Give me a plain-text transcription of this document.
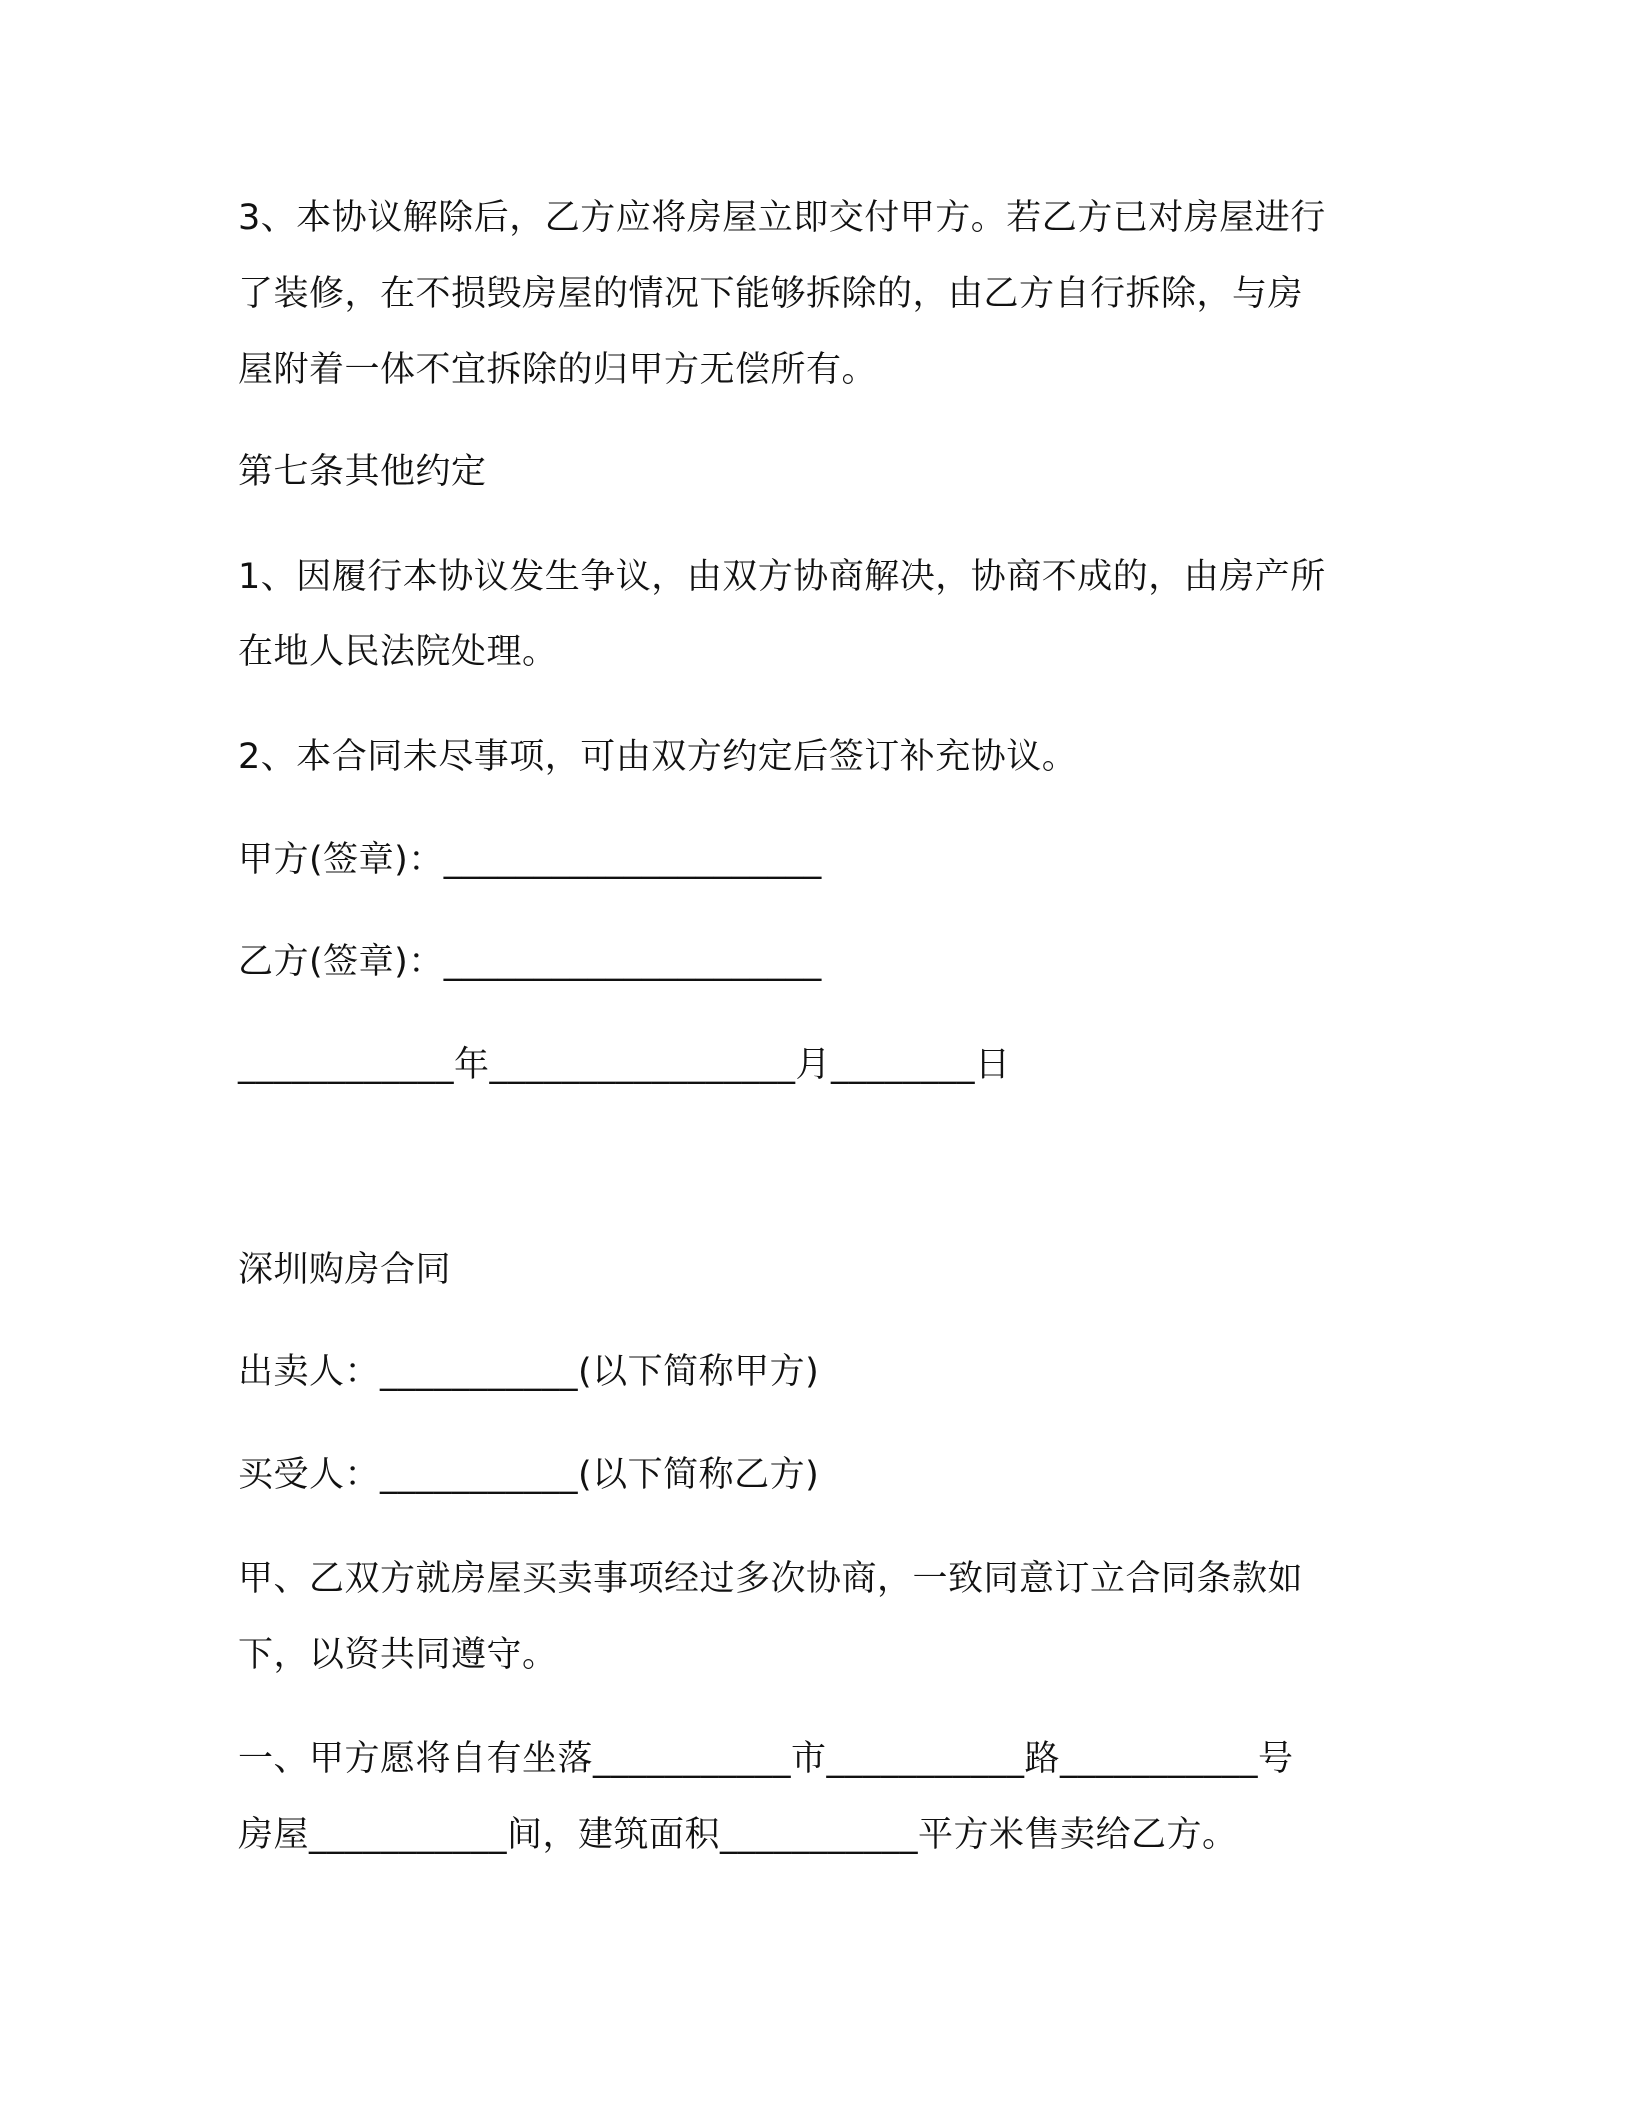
3、本协议解除后，乙方应将房屋立即交付甲方。若乙方已对房屋进行
了装修，在不损毁房屋的情况下能够拆除的，由乙方自行拆除，与房
屋附着一体不宜拆除的归甲方无偿所有。
第七条其他约定
1、因履行本协议发生争议，由双方协商解决，协商不成的，由房产所
在地人民法院处理。
2、本合同未尽事项，可由双方约定后签订补充协议。
甲方(签章)：_____________________
乙方(签章)：_____________________
____________年_________________月________日
深圳购房合同
出卖人：___________(以下简称甲方)
买受人：___________(以下简称乙方)
甲、乙双方就房屋买卖事项经过多次协商，一致同意订立合同条款如
下，以资共同遵守。
一、甲方愿将自有坐落___________市___________路___________号
房屋___________间，建筑面积___________平方米售卖给乙方。
